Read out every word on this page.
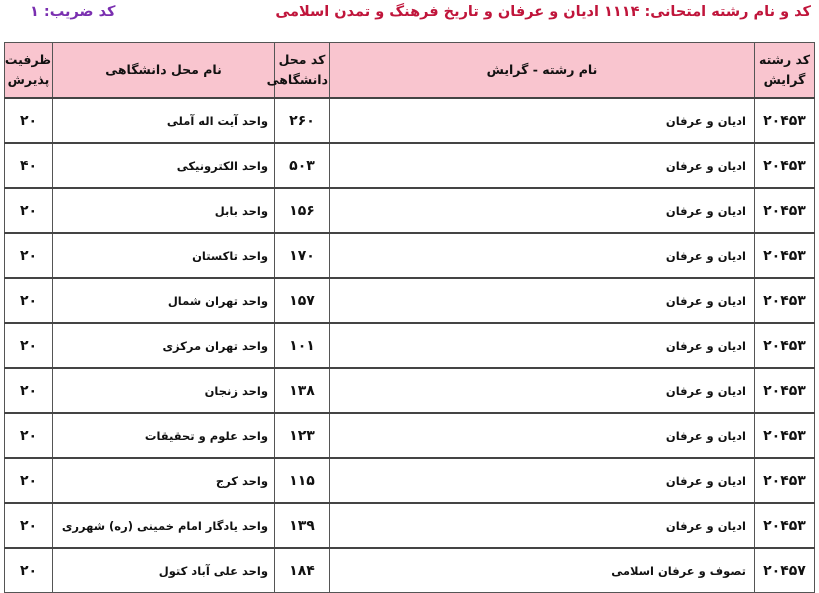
کد و نام رشته امتحانی: ۱۱۱۴ ادیان و عرفان و تاریخ فرهنگ و تمدن اسلامی
کد ضریب: ۱
کد رشته گرایش	نام رشته - گرایش	کد محل دانشگاهی	نام محل دانشگاهی	ظرفیت پذیرش
۲۰۴۵۳	ادیان و عرفان	۲۶۰	واحد آیت اله آملی	۲۰
۲۰۴۵۳	ادیان و عرفان	۵۰۳	واحد الکترونیکی	۴۰
۲۰۴۵۳	ادیان و عرفان	۱۵۶	واحد بابل	۲۰
۲۰۴۵۳	ادیان و عرفان	۱۷۰	واحد تاکستان	۲۰
۲۰۴۵۳	ادیان و عرفان	۱۵۷	واحد تهران شمال	۲۰
۲۰۴۵۳	ادیان و عرفان	۱۰۱	واحد تهران مرکزی	۲۰
۲۰۴۵۳	ادیان و عرفان	۱۳۸	واحد زنجان	۲۰
۲۰۴۵۳	ادیان و عرفان	۱۲۳	واحد علوم و تحقیقات	۲۰
۲۰۴۵۳	ادیان و عرفان	۱۱۵	واحد کرج	۲۰
۲۰۴۵۳	ادیان و عرفان	۱۳۹	واحد یادگار امام خمینی (ره) شهرری	۲۰
۲۰۴۵۷	تصوف و عرفان اسلامی	۱۸۴	واحد علی آباد کتول	۲۰
